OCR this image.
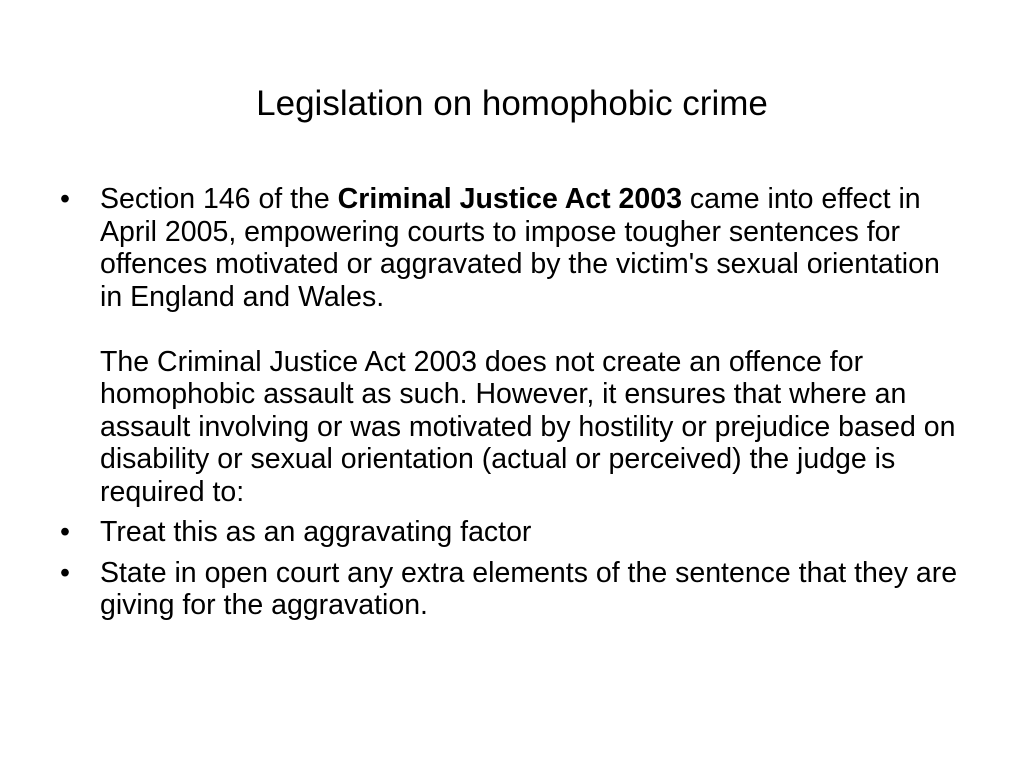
Legislation on homophobic crime
• Section 146 of the Criminal Justice Act 2003 came into effect in April 2005, empowering courts to impose tougher sentences for offences motivated or aggravated by the victim's sexual orientation in England and Wales.

The Criminal Justice Act 2003 does not create an offence for homophobic assault as such. However, it ensures that where an assault involving or was motivated by hostility or prejudice based on disability or sexual orientation (actual or perceived) the judge is required to:

• Treat this as an aggravating factor

• State in open court any extra elements of the sentence that they are giving for the aggravation.
